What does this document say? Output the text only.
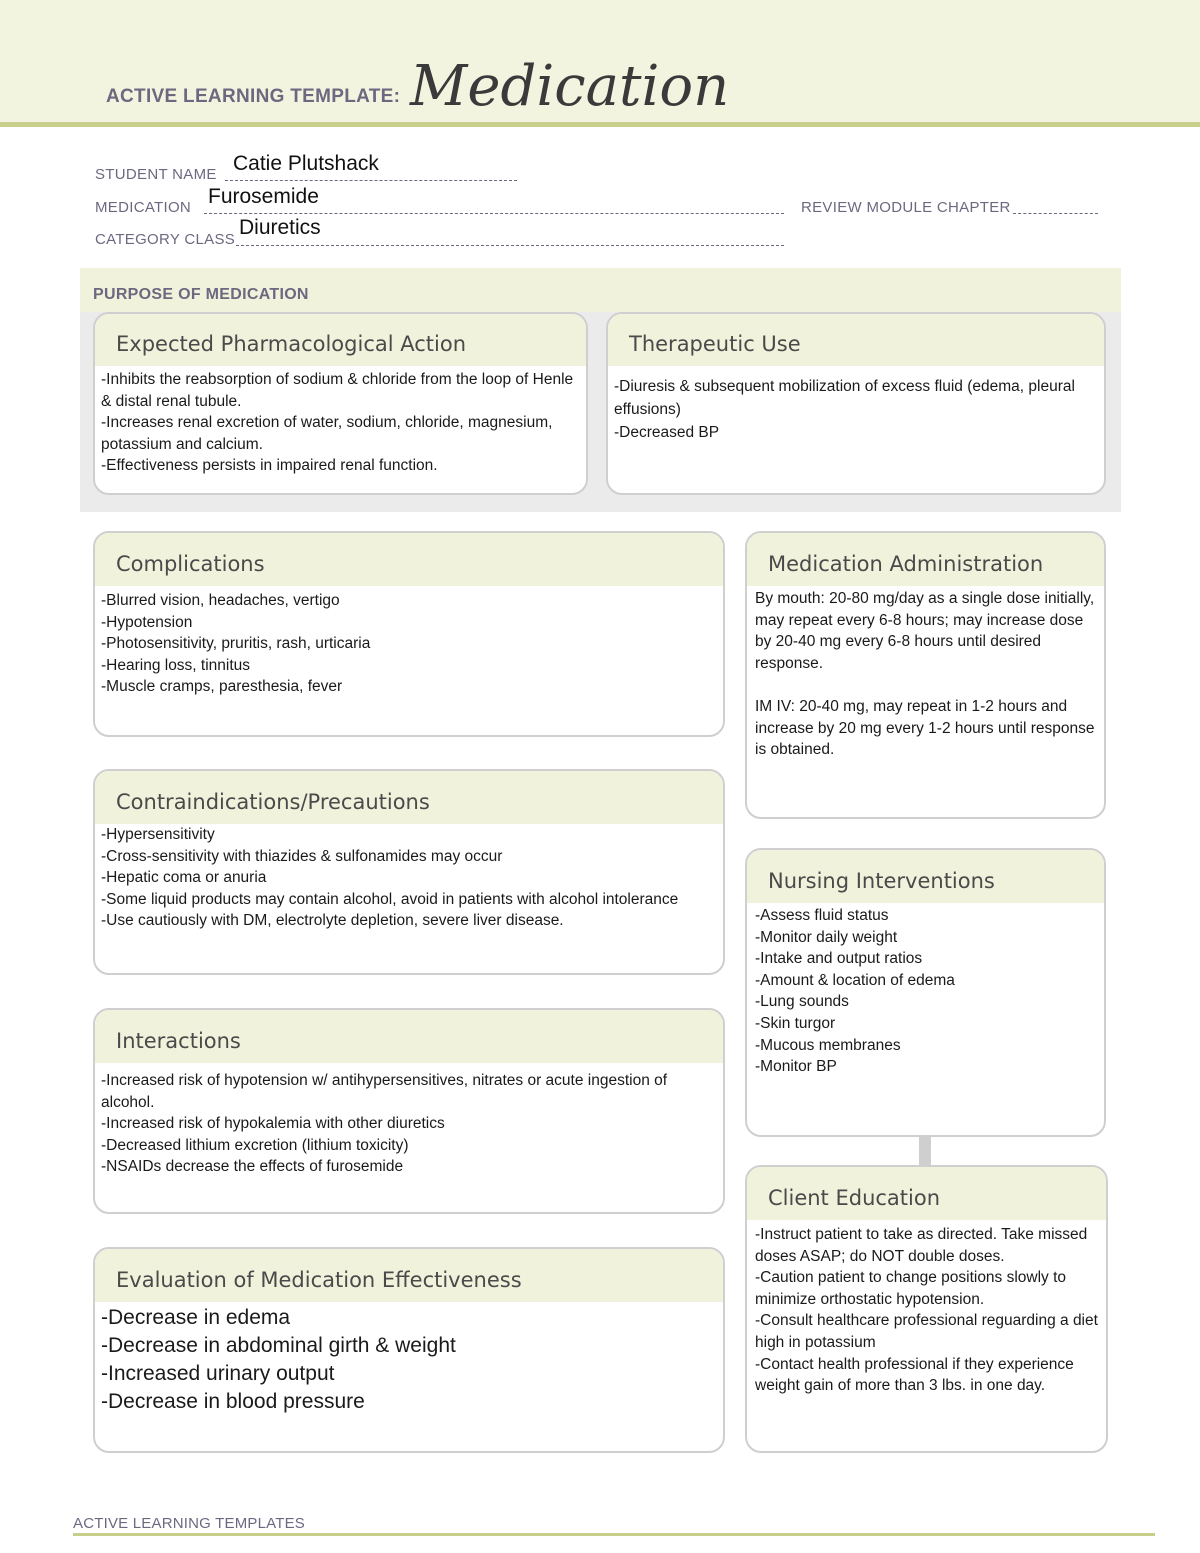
ACTIVE LEARNING TEMPLATE: Medication
STUDENT NAME Catie Plutshack
MEDICATION Furosemide	REVIEW MODULE CHAPTER
CATEGORY CLASS
Diuretics
PURPOSE OF MEDICATION
Expected Pharmacological Action
-Inhibits the reabsorption of sodium & chloride from the loop of Henle & distal renal tubule.
-Increases renal excretion of water, sodium, chloride, magnesium, potassium and calcium.
-Effectiveness persists in impaired renal function.
Therapeutic Use
-Diuresis & subsequent mobilization of excess fluid (edema, pleural effusions)
-Decreased BP
Complications
-Blurred vision, headaches, vertigo
-Hypotension
-Photosensitivity, pruritis, rash, urticaria
-Hearing loss, tinnitus
-Muscle cramps, paresthesia, fever
Contraindications/Precautions
-Hypersensitivity
-Cross-sensitivity with thiazides & sulfonamides may occur
-Hepatic coma or anuria
-Some liquid products may contain alcohol, avoid in patients with alcohol intolerance
-Use cautiously with DM, electrolyte depletion, severe liver disease.
Interactions
-Increased risk of hypotension w/ antihypersensitives, nitrates or acute ingestion of alcohol.
-Increased risk of hypokalemia with other diuretics
-Decreased lithium excretion (lithium toxicity)
-NSAIDs decrease the effects of furosemide
Evaluation of Medication Effectiveness
-Decrease in edema
-Decrease in abdominal girth & weight
-Increased urinary output
-Decrease in blood pressure
Medication Administration
By mouth: 20-80 mg/day as a single dose initially, may repeat every 6-8 hours; may increase dose by 20-40 mg every 6-8 hours until desired response.

IM IV: 20-40 mg, may repeat in 1-2 hours and increase by 20 mg every 1-2 hours until response is obtained.
Nursing Interventions
-Assess fluid status
-Monitor daily weight
-Intake and output ratios
-Amount & location of edema
-Lung sounds
-Skin turgor
-Mucous membranes
-Monitor BP
Client Education
-Instruct patient to take as directed. Take missed doses ASAP; do NOT double doses.
-Caution patient to change positions slowly to minimize orthostatic hypotension.
-Consult healthcare professional reguarding a diet high in potassium
-Contact health professional if they experience weight gain of more than 3 lbs. in one day.
ACTIVE LEARNING TEMPLATES
